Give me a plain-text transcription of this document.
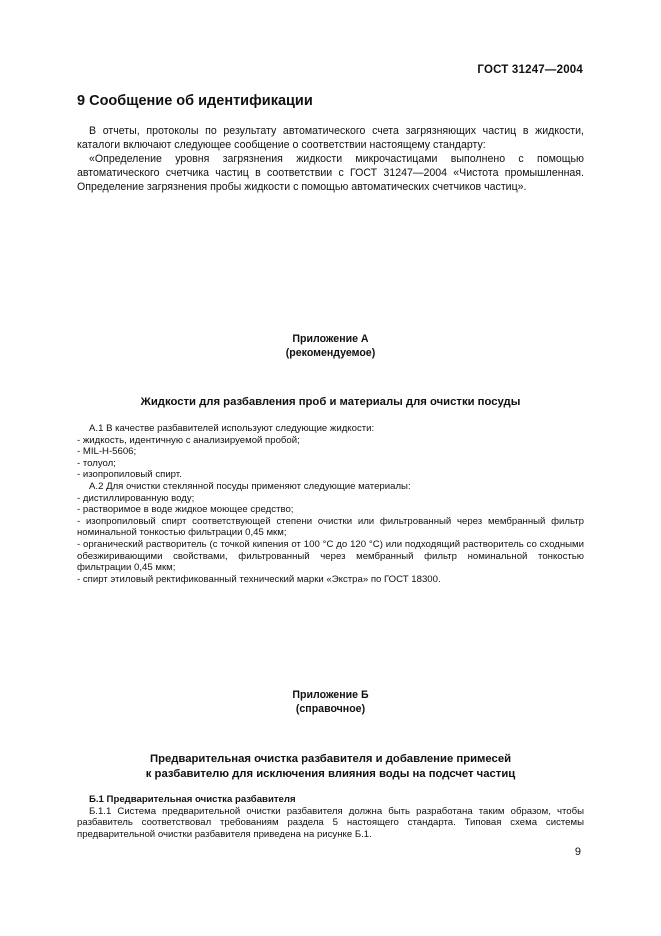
ГОСТ 31247—2004
9 Сообщение об идентификации

В отчеты, протоколы по результату автоматического счета загрязняющих частиц в жидкости, каталоги включают следующее сообщение о соответствии настоящему стандарту:

«Определение уровня загрязнения жидкости микрочастицами выполнено с помощью автоматического счетчика частиц в соответствии с ГОСТ 31247—2004 «Чистота промышленная. Определение загрязнения пробы жидкости с помощью автоматических счетчиков частиц».

Приложение А
(рекомендуемое)
Жидкости для разбавления проб и материалы для очистки посуды

А.1 В качестве разбавителей используют следующие жидкости:

- жидкость, идентичную с анализируемой пробой;

- MIL-H-5606;

- толуол;

- изопропиловый спирт.

А.2 Для очистки стеклянной посуды применяют следующие материалы:

- дистиллированную воду;

- растворимое в воде жидкое моющее средство;

- изопропиловый спирт соответствующей степени очистки или фильтрованный через мембранный фильтр номинальной тонкостью фильтрации 0,45 мкм;

- органический растворитель (с точкой кипения от 100 °С до 120 °С) или подходящий растворитель со сходными обезжиривающими свойствами, фильтрованный через мембранный фильтр номинальной тонкостью фильтрации 0,45 мкм;

- спирт этиловый ректификованный технический марки «Экстра» по ГОСТ 18300.

Приложение Б
(справочное)
Предварительная очистка разбавителя и добавление примесей
к разбавителю для исключения влияния воды на подсчет частиц

Б.1 Предварительная очистка разбавителя

Б.1.1 Система предварительной очистки разбавителя должна быть разработана таким образом, чтобы разбавитель соответствовал требованиям раздела 5 настоящего стандарта. Типовая схема системы предварительной очистки разбавителя приведена на рисунке Б.1.

9
